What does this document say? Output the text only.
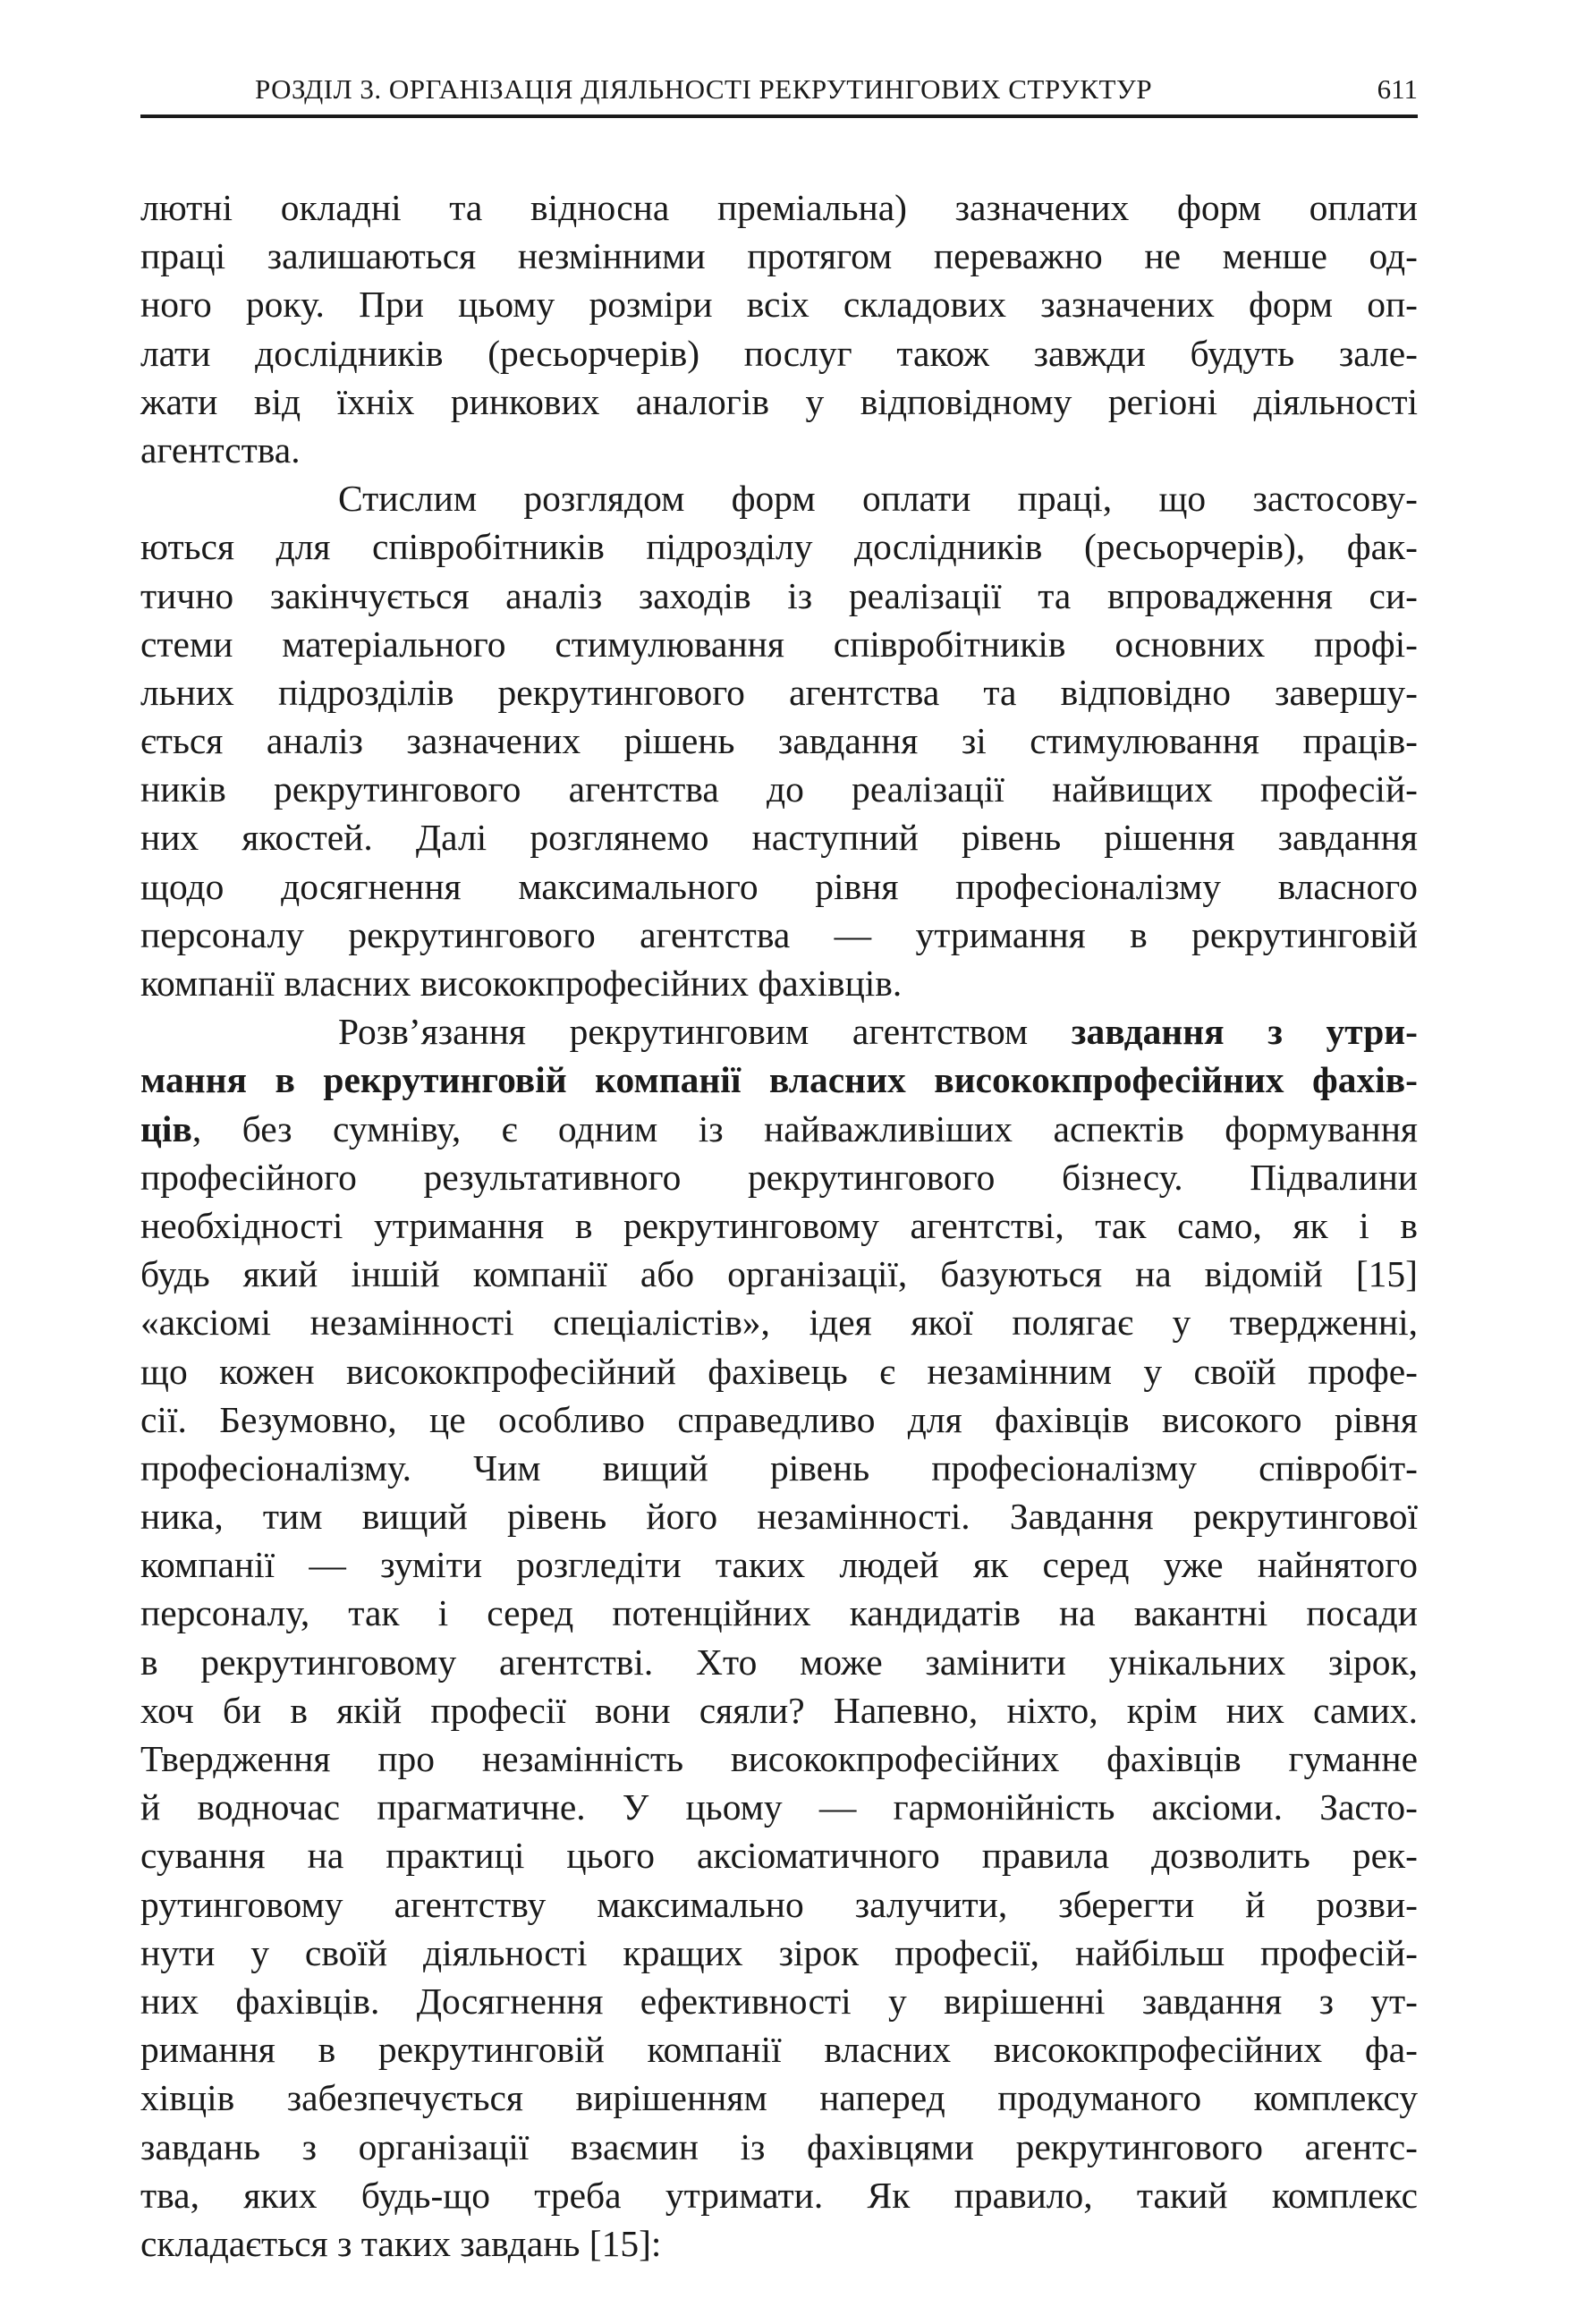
РОЗДІЛ 3. ОРГАНІЗАЦІЯ ДІЯЛЬНОСТІ РЕКРУТИНГОВИХ СТРУКТУР	611
лютні окладні та відносна преміальна) зазначених форм оплати
праці залишаються незмінними протягом переважно не менше од-
ного року. При цьому розміри всіх складових зазначених форм оп-
лати дослідників (ресьорчерів) послуг також завжди будуть зале-
жати від їхніх ринкових аналогів у відповідному регіоні діяльності
агентства.
Стислим розглядом форм оплати праці, що застосову-
ються для співробітників підрозділу дослідників (ресьорчерів), фак-
тично закінчується аналіз заходів із реалізації та впровадження си-
стеми матеріального стимулювання співробітників основних профі-
льних підрозділів рекрутингового агентства та відповідно завершу-
ється аналіз зазначених рішень завдання зі стимулювання праців-
ників рекрутингового агентства до реалізації найвищих професій-
них якостей. Далі розглянемо наступний рівень рішення завдання
щодо досягнення максимального рівня професіоналізму власного
персоналу рекрутингового агентства — утримання в рекрутинговій
компанії власних висококпрофесійних фахівців.
Розв’язання рекрутинговим агентством завдання з утри-
мання в рекрутинговій компанії власних висококпрофесійних фахів-
ців, без сумніву, є одним із найважливіших аспектів формування
професійного результативного рекрутингового бізнесу. Підвалини
необхідності утримання в рекрутинговому агентстві, так само, як і в
будь який іншій компанії або організації, базуються на відомій [15]
«аксіомі незамінності спеціалістів», ідея якої полягає у твердженні,
що кожен висококпрофесійний фахівець є незамінним у своїй профе-
сії. Безумовно, це особливо справедливо для фахівців високого рівня
професіоналізму. Чим вищий рівень професіоналізму співробіт-
ника, тим вищий рівень його незамінності. Завдання рекрутингової
компанії — зуміти розгледіти таких людей як серед уже найнятого
персоналу, так і серед потенційних кандидатів на вакантні посади
в рекрутинговому агентстві. Хто може замінити унікальних зірок,
хоч би в якій професії вони сяяли? Напевно, ніхто, крім них самих.
Твердження про незамінність висококпрофесійних фахівців гуманне
й водночас прагматичне. У цьому — гармонійність аксіоми. Засто-
сування на практиці цього аксіоматичного правила дозволить рек-
рутинговому агентству максимально залучити, зберегти й розви-
нути у своїй діяльності кращих зірок професії, найбільш професій-
них фахівців. Досягнення ефективності у вирішенні завдання з ут-
римання в рекрутинговій компанії власних висококпрофесійних фа-
хівців забезпечується вирішенням наперед продуманого комплексу
завдань з організації взаємин із фахівцями рекрутингового агентс-
тва, яких будь-що треба утримати. Як правило, такий комплекс
складається з таких завдань [15]:
